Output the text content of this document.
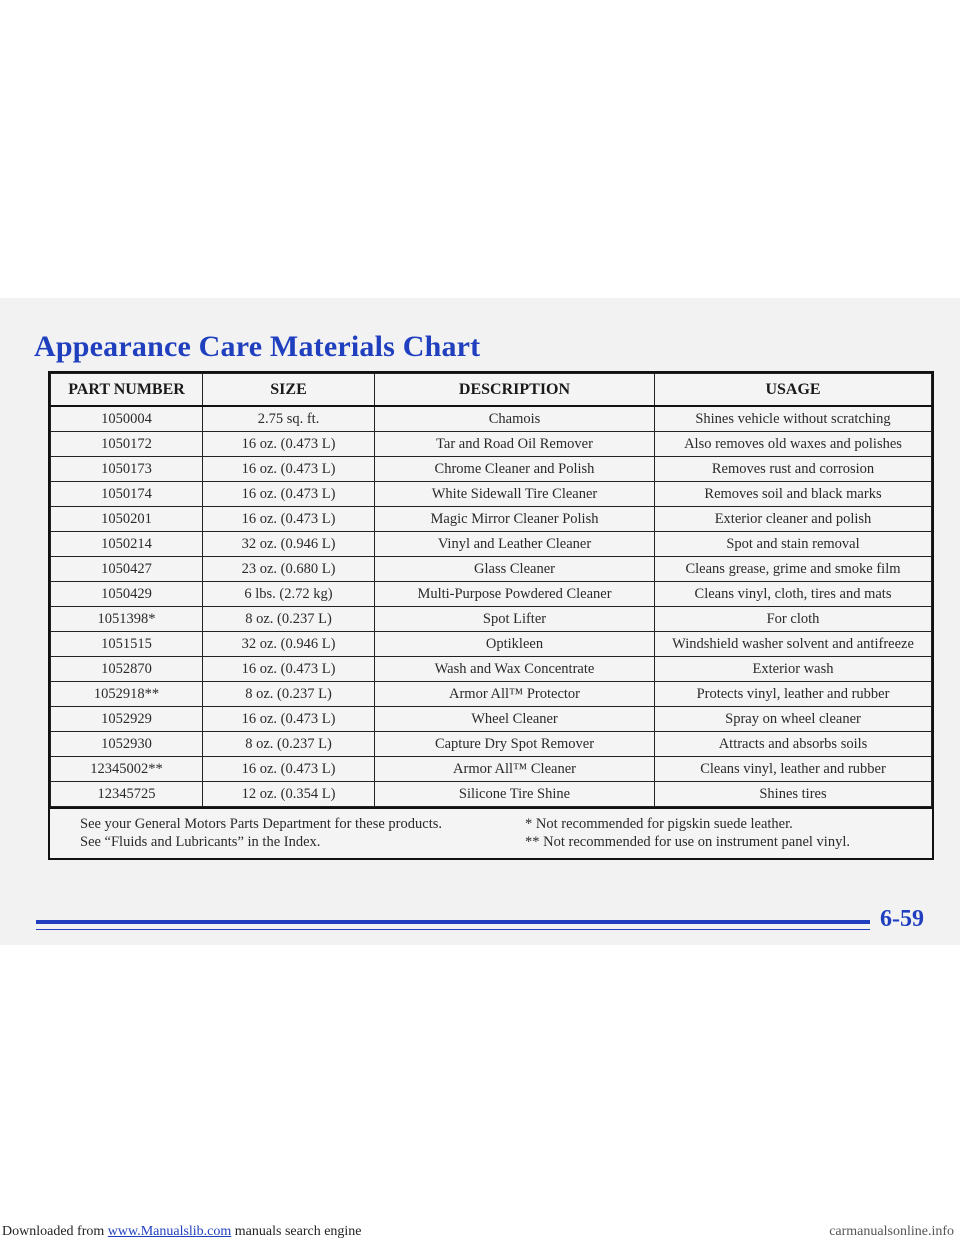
Appearance Care Materials Chart
PART NUMBER	SIZE	DESCRIPTION	USAGE
1050004	2.75 sq. ft.	Chamois	Shines vehicle without scratching
1050172	16 oz. (0.473 L)	Tar and Road Oil Remover	Also removes old waxes and polishes
1050173	16 oz. (0.473 L)	Chrome Cleaner and Polish	Removes rust and corrosion
1050174	16 oz. (0.473 L)	White Sidewall Tire Cleaner	Removes soil and black marks
1050201	16 oz. (0.473 L)	Magic Mirror Cleaner Polish	Exterior cleaner and polish
1050214	32 oz. (0.946 L)	Vinyl and Leather Cleaner	Spot and stain removal
1050427	23 oz. (0.680 L)	Glass Cleaner	Cleans grease, grime and smoke film
1050429	6 lbs. (2.72 kg)	Multi-Purpose Powdered Cleaner	Cleans vinyl, cloth, tires and mats
1051398*	8 oz. (0.237 L)	Spot Lifter	For cloth
1051515	32 oz. (0.946 L)	Optikleen	Windshield washer solvent and antifreeze
1052870	16 oz. (0.473 L)	Wash and Wax Concentrate	Exterior wash
1052918**	8 oz. (0.237 L)	Armor All™ Protector	Protects vinyl, leather and rubber
1052929	16 oz. (0.473 L)	Wheel Cleaner	Spray on wheel cleaner
1052930	8 oz. (0.237 L)	Capture Dry Spot Remover	Attracts and absorbs soils
12345002**	16 oz. (0.473 L)	Armor All™ Cleaner	Cleans vinyl, leather and rubber
12345725	12 oz. (0.354 L)	Silicone Tire Shine	Shines tires
See your General Motors Parts Department for these products.
See “Fluids and Lubricants” in the Index.
* Not recommended for pigskin suede leather.
** Not recommended for use on instrument panel vinyl.

6-59

Downloaded from www.Manualslib.com manuals search engine	carmanualsonline.info
